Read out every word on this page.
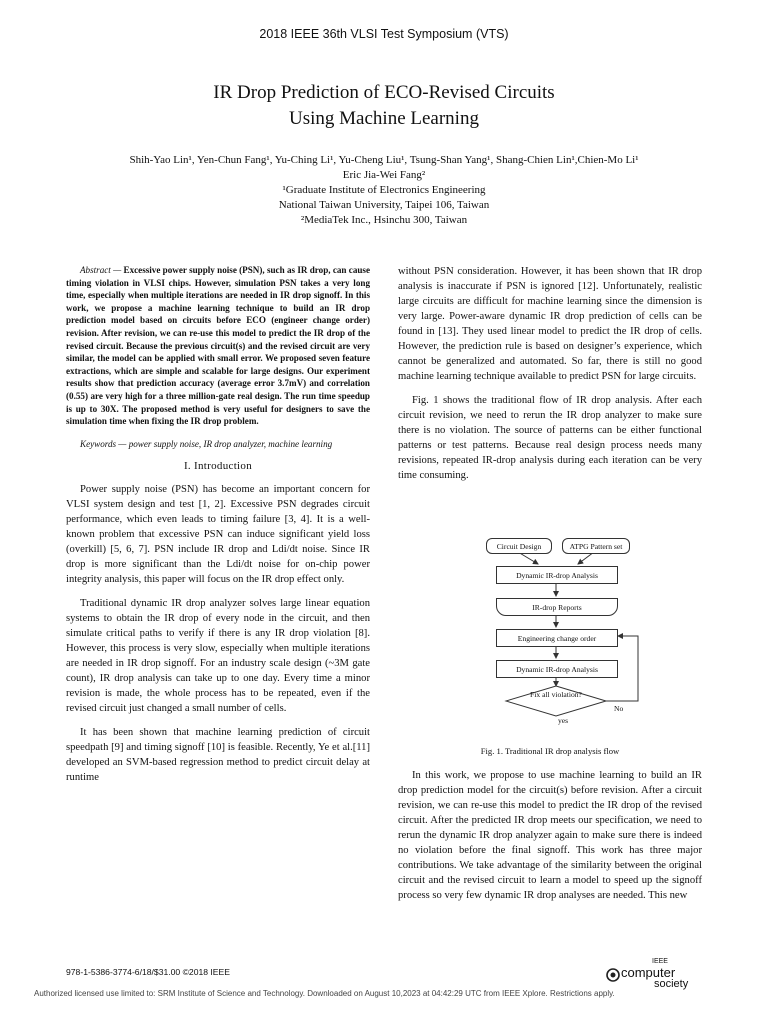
2018 IEEE 36th VLSI Test Symposium (VTS)
IR Drop Prediction of ECO-Revised Circuits
Using Machine Learning
Shih-Yao Lin¹, Yen-Chun Fang¹, Yu-Ching Li¹, Yu-Cheng Liu¹, Tsung-Shan Yang¹, Shang-Chien Lin¹,Chien-Mo Li¹
Eric Jia-Wei Fang²
¹Graduate Institute of Electronics Engineering
National Taiwan University, Taipei 106, Taiwan
²MediaTek Inc., Hsinchu 300, Taiwan

Abstract — Excessive power supply noise (PSN), such as IR drop, can cause timing violation in VLSI chips. However, simulation PSN takes a very long time, especially when multiple iterations are needed in IR drop signoff. In this work, we propose a machine learning technique to build an IR drop prediction model based on circuits before ECO (engineer change order) revision. After revision, we can re-use this model to predict the IR drop of the revised circuit. Because the previous circuit(s) and the revised circuit are very similar, the model can be applied with small error. We proposed seven feature extractions, which are simple and scalable for large designs. Our experiment results show that prediction accuracy (average error 3.7mV) and correlation (0.55) are very high for a three million-gate real design. The run time speedup is up to 30X. The proposed method is very useful for designers to save the simulation time when fixing the IR drop problem.

Keywords — power supply noise, IR drop analyzer, machine learning

I. Introduction

Power supply noise (PSN) has become an important concern for VLSI system design and test [1, 2]. Excessive PSN degrades circuit performance, which even leads to timing failure [3, 4]. It is a well-known problem that excessive PSN can induce significant yield loss (overkill) [5, 6, 7]. PSN include IR drop and Ldi/dt noise. Since IR drop is more significant than the Ldi/dt noise for on-chip power integrity analysis, this paper will focus on the IR drop effect only.

Traditional dynamic IR drop analyzer solves large linear equation systems to obtain the IR drop of every node in the circuit, and then simulate critical paths to verify if there is any IR drop violation [8]. However, this process is very slow, especially when multiple iterations are needed in IR drop signoff. For an industry scale design (~3M gate count), IR drop analysis can take up to one day. Every time a minor revision is made, the whole process has to be repeated, even if the revised circuit just changed a small number of cells.

It has been shown that machine learning prediction of circuit speedpath [9] and timing signoff [10] is feasible. Recently, Ye et al.[11] developed an SVM-based regression method to predict circuit delay at runtime

without PSN consideration. However, it has been shown that IR drop analysis is inaccurate if PSN is ignored [12]. Unfortunately, realistic large circuits are difficult for machine learning since the dimension is very large. Power-aware dynamic IR drop prediction of cells can be found in [13]. They used linear model to predict the IR drop of cells. However, the prediction rule is based on designer’s experience, which cannot be generalized and automated. So far, there is still no good machine learning technique available to predict PSN for large circuits.

Fig. 1 shows the traditional flow of IR drop analysis. After each circuit revision, we need to rerun the IR drop analyzer to make sure there is no violation. The source of patterns can be either functional patterns or test patterns. Because real design process needs many revisions, repeated IR-drop analysis during each iteration can be very time consuming.

Circuit Design	ATPG Pattern set
Dynamic IR-drop Analysis
IR-drop Reports
Engineering change order
Dynamic IR-drop Analysis
Fix all violation?
yes
No
Fig. 1. Traditional IR drop analysis flow

In this work, we propose to use machine learning to build an IR drop prediction model for the circuit(s) before revision. After a circuit revision, we can re-use this model to predict the IR drop of the revised circuit. After the predicted IR drop meets our specification, we need to rerun the dynamic IR drop analyzer again to make sure there is indeed no violation before the final signoff. This work has three major contributions. We take advantage of the similarity between the original circuit and the revised circuit to learn a model to speed up the signoff process so very few dynamic IR drop analyses are needed. This new

978-1-5386-3774-6/18/$31.00 ©2018 IEEE
IEEE
computer
society
Authorized licensed use limited to: SRM Institute of Science and Technology. Downloaded on August 10,2023 at 04:42:29 UTC from IEEE Xplore. Restrictions apply.
